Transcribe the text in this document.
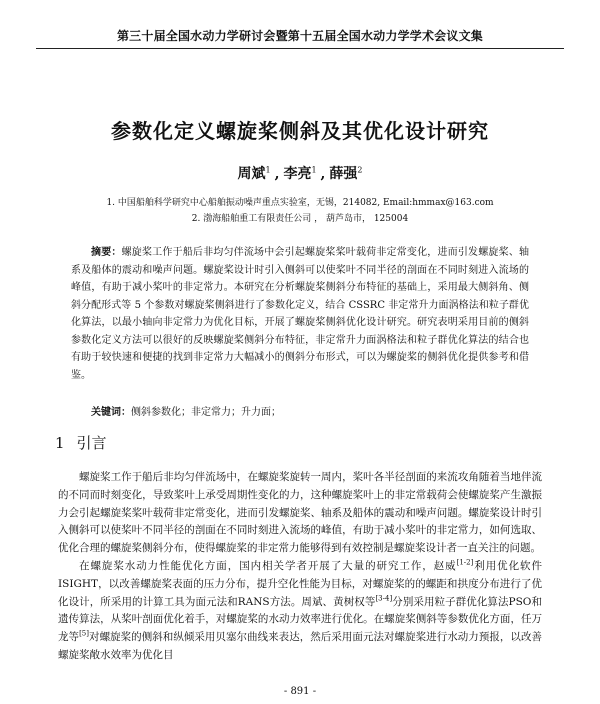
第三十届全国水动力学研讨会暨第十五届全国水动力学学术会议文集
参数化定义螺旋桨侧斜及其优化设计研究
周斌$^1$ , 李亮$^1$ , 薛强$^2$
1. 中国船舶科学研究中心船舶振动噪声重点实验室，无锡，214082, Email:hmmax@163.com
2. 渤海船舶重工有限责任公司 ， 葫芦岛市， 125004
摘要：螺旋桨工作于船后非均匀伴流场中会引起螺旋桨桨叶载荷非定常变化，进而引发螺旋桨、轴系及船体的震动和噪声问题。螺旋桨设计时引入侧斜可以使桨叶不同半径的剖面在不同时刻进入流场的峰值，有助于减小桨叶的非定常力。本研究在分析螺旋桨侧斜分布特征的基础上，采用最大侧斜角、侧斜分配形式等 5 个参数对螺旋桨侧斜进行了参数化定义，结合 CSSRC 非定常升力面涡格法和粒子群优化算法，以最小轴向非定常力为优化目标，开展了螺旋桨侧斜优化设计研究。研究表明采用目前的侧斜参数化定义方法可以很好的反映螺旋桨侧斜分布特征，非定常升力面涡格法和粒子群优化算法的结合也有助于较快速和便捷的找到非定常力大幅减小的侧斜分布形式，可以为螺旋桨的侧斜优化提供参考和借鉴。
关键词：侧斜参数化；非定常力；升力面；
1 引言

螺旋桨工作于船后非均匀伴流场中，在螺旋桨旋转一周内，桨叶各半径剖面的来流攻角随着当地伴流的不同而时刻变化，导致桨叶上承受周期性变化的力，这种螺旋桨叶上的非定常载荷会使螺旋桨产生激振力会引起螺旋桨桨叶载荷非定常变化，进而引发螺旋桨、轴系及船体的震动和噪声问题。螺旋桨设计时引入侧斜可以使桨叶不同半径的剖面在不同时刻进入流场的峰值，有助于减小桨叶的非定常力，如何选取、优化合理的螺旋桨侧斜分布，使得螺旋桨的非定常力能够得到有效控制是螺旋桨设计者一直关注的问题。

在螺旋桨水动力性能优化方面，国内相关学者开展了大量的研究工作，赵威[1-2]利用优化软件ISIGHT，以改善螺旋桨表面的压力分布，提升空化性能为目标，对螺旋桨的的螺距和拱度分布进行了优化设计，所采用的计算工具为面元法和RANS方法。周斌、黄树权等[3-4]分别采用粒子群优化算法PSO和遗传算法，从桨叶剖面优化着手，对螺旋桨的水动力效率进行优化。在螺旋桨侧斜等参数优化方面，任万龙等[5]对螺旋桨的侧斜和纵倾采用贝塞尔曲线来表达，然后采用面元法对螺旋桨进行水动力预报，以改善螺旋桨敞水效率为优化目

- 891 -
